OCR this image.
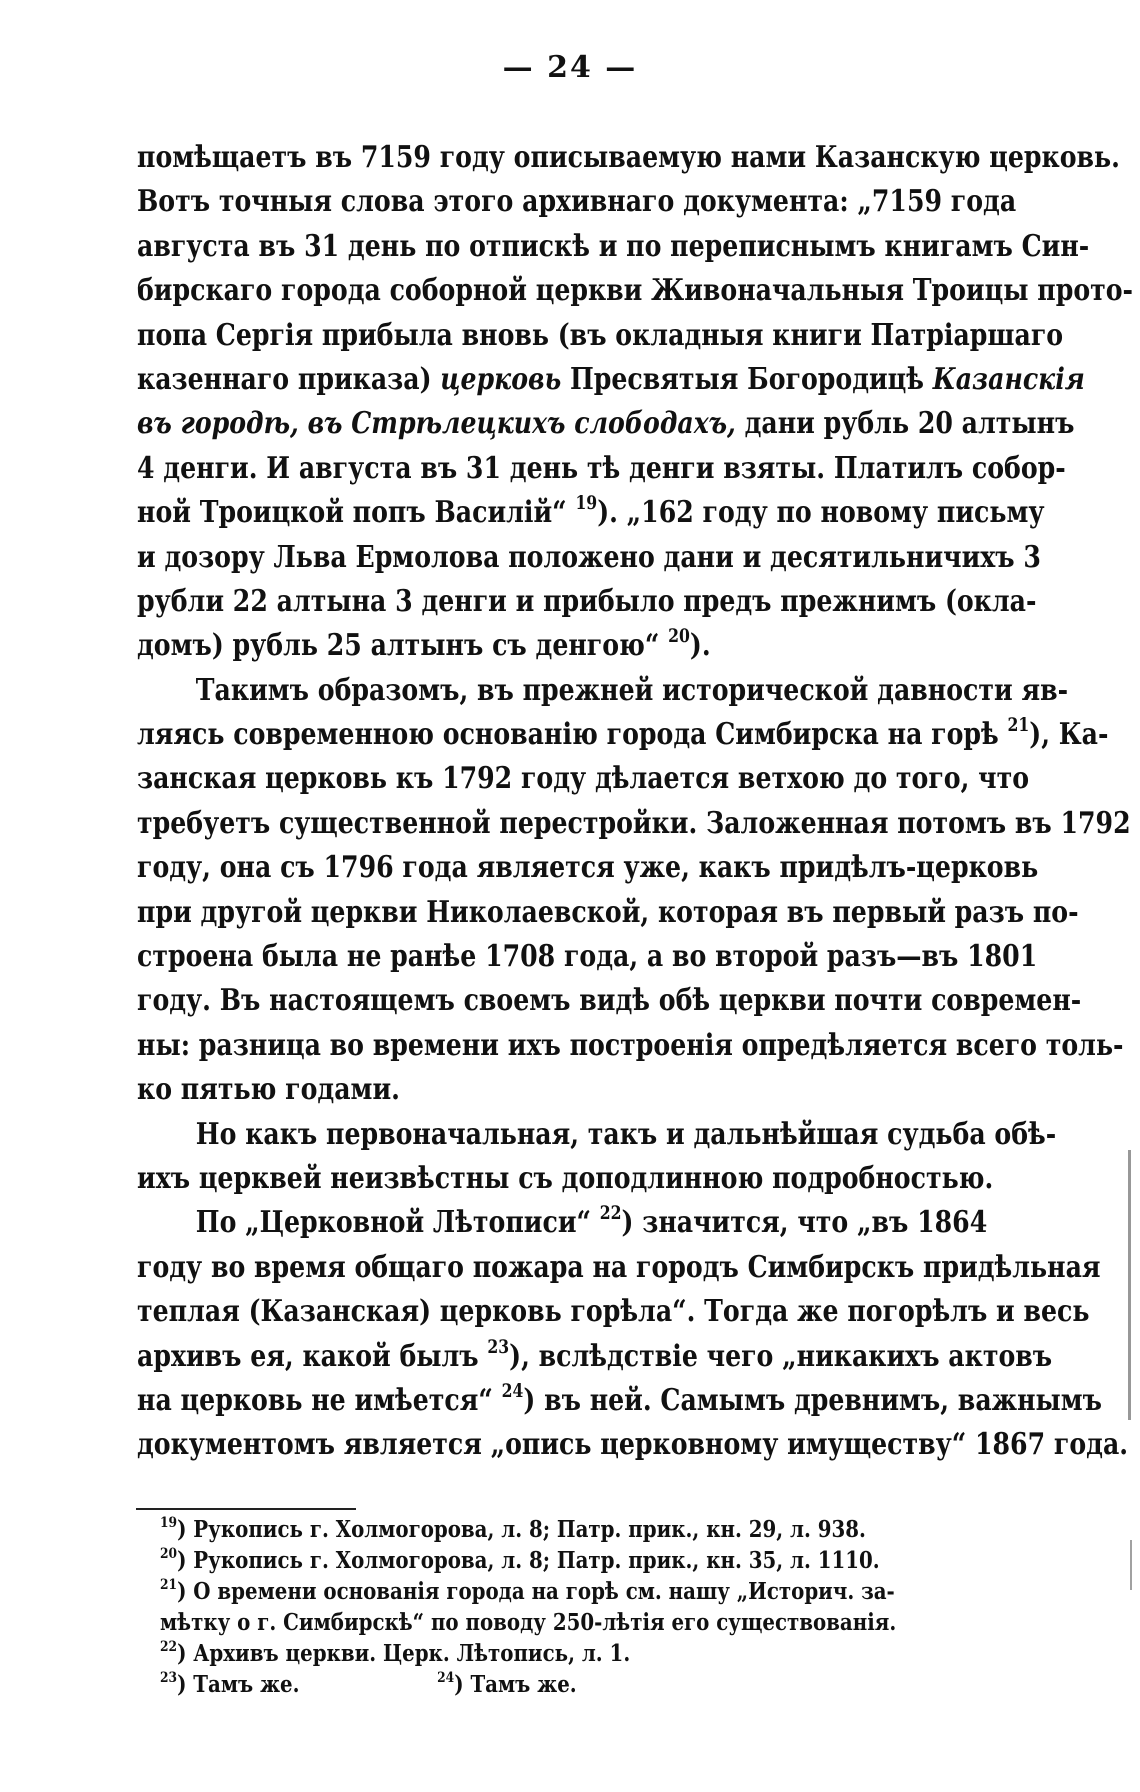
— 24 —
помѣщаетъ въ 7159 году описываемую нами Казанскую церковь.
Вотъ точныя слова этого архивнаго документа: „7159 года
августа въ 31 день по отпискѣ и по переписнымъ книгамъ Син-
бирскаго города соборной церкви Живоначальныя Троицы прото-
попа Сергія прибыла вновь (въ окладныя книги Патріаршаго
казеннаго приказа) церковь Пресвятыя Богородицѣ Казанскія
въ городѣ, въ Стрѣлецкихъ слободахъ, дани рубль 20 алтынъ
4 денги. И августа въ 31 день тѣ денги взяты. Платилъ собор-
ной Троицкой попъ Василій“ $^{19}$). „162 году по новому письму
и дозору Льва Ермолова положено дани и десятильничихъ 3
рубли 22 алтына 3 денги и прибыло предъ прежнимъ (окла-
домъ) рубль 25 алтынъ съ денгою“ $^{20}$).
Такимъ образомъ, въ прежней исторической давности яв-
ляясь современною основанію города Симбирска на горѣ $^{21}$), Ка-
занская церковь къ 1792 году дѣлается ветхою до того, что
требуетъ существенной перестройки. Заложенная потомъ въ 1792
году, она съ 1796 года является уже, какъ придѣлъ-церковь
при другой церкви Николаевской, которая въ первый разъ по-
строена была не ранѣе 1708 года, а во второй разъ—въ 1801
году. Въ настоящемъ своемъ видѣ обѣ церкви почти современ-
ны: разница во времени ихъ построенія опредѣляется всего толь-
ко пятью годами.
Но какъ первоначальная, такъ и дальнѣйшая судьба обѣ-
ихъ церквей неизвѣстны съ доподлинною подробностью.
По „Церковной Лѣтописи“ $^{22}$) значится, что „въ 1864
году во время общаго пожара на городъ Симбирскъ придѣльная
теплая (Казанская) церковь горѣла“. Тогда же погорѣлъ и весь
архивъ ея, какой былъ $^{23}$), вслѣдствіе чего „никакихъ актовъ
на церковь не имѣется“ $^{24}$) въ ней. Самымъ древнимъ, важнымъ
документомъ является „опись церковному имуществу“ 1867 года.
$^{19}$) Рукопись г. Холмогорова, л. 8; Патр. прик., кн. 29, л. 938.
$^{20}$) Рукопись г. Холмогорова, л. 8; Патр. прик., кн. 35, л. 1110.
$^{21}$) О времени основанія города на горѣ см. нашу „Историч. за-
мѣтку о г. Симбирскѣ“ по поводу 250-лѣтія его существованія.
$^{22}$) Архивъ церкви. Церк. Лѣтопись, л. 1.
$^{23}$) Тамъ же.	$^{24}$) Тамъ же.
